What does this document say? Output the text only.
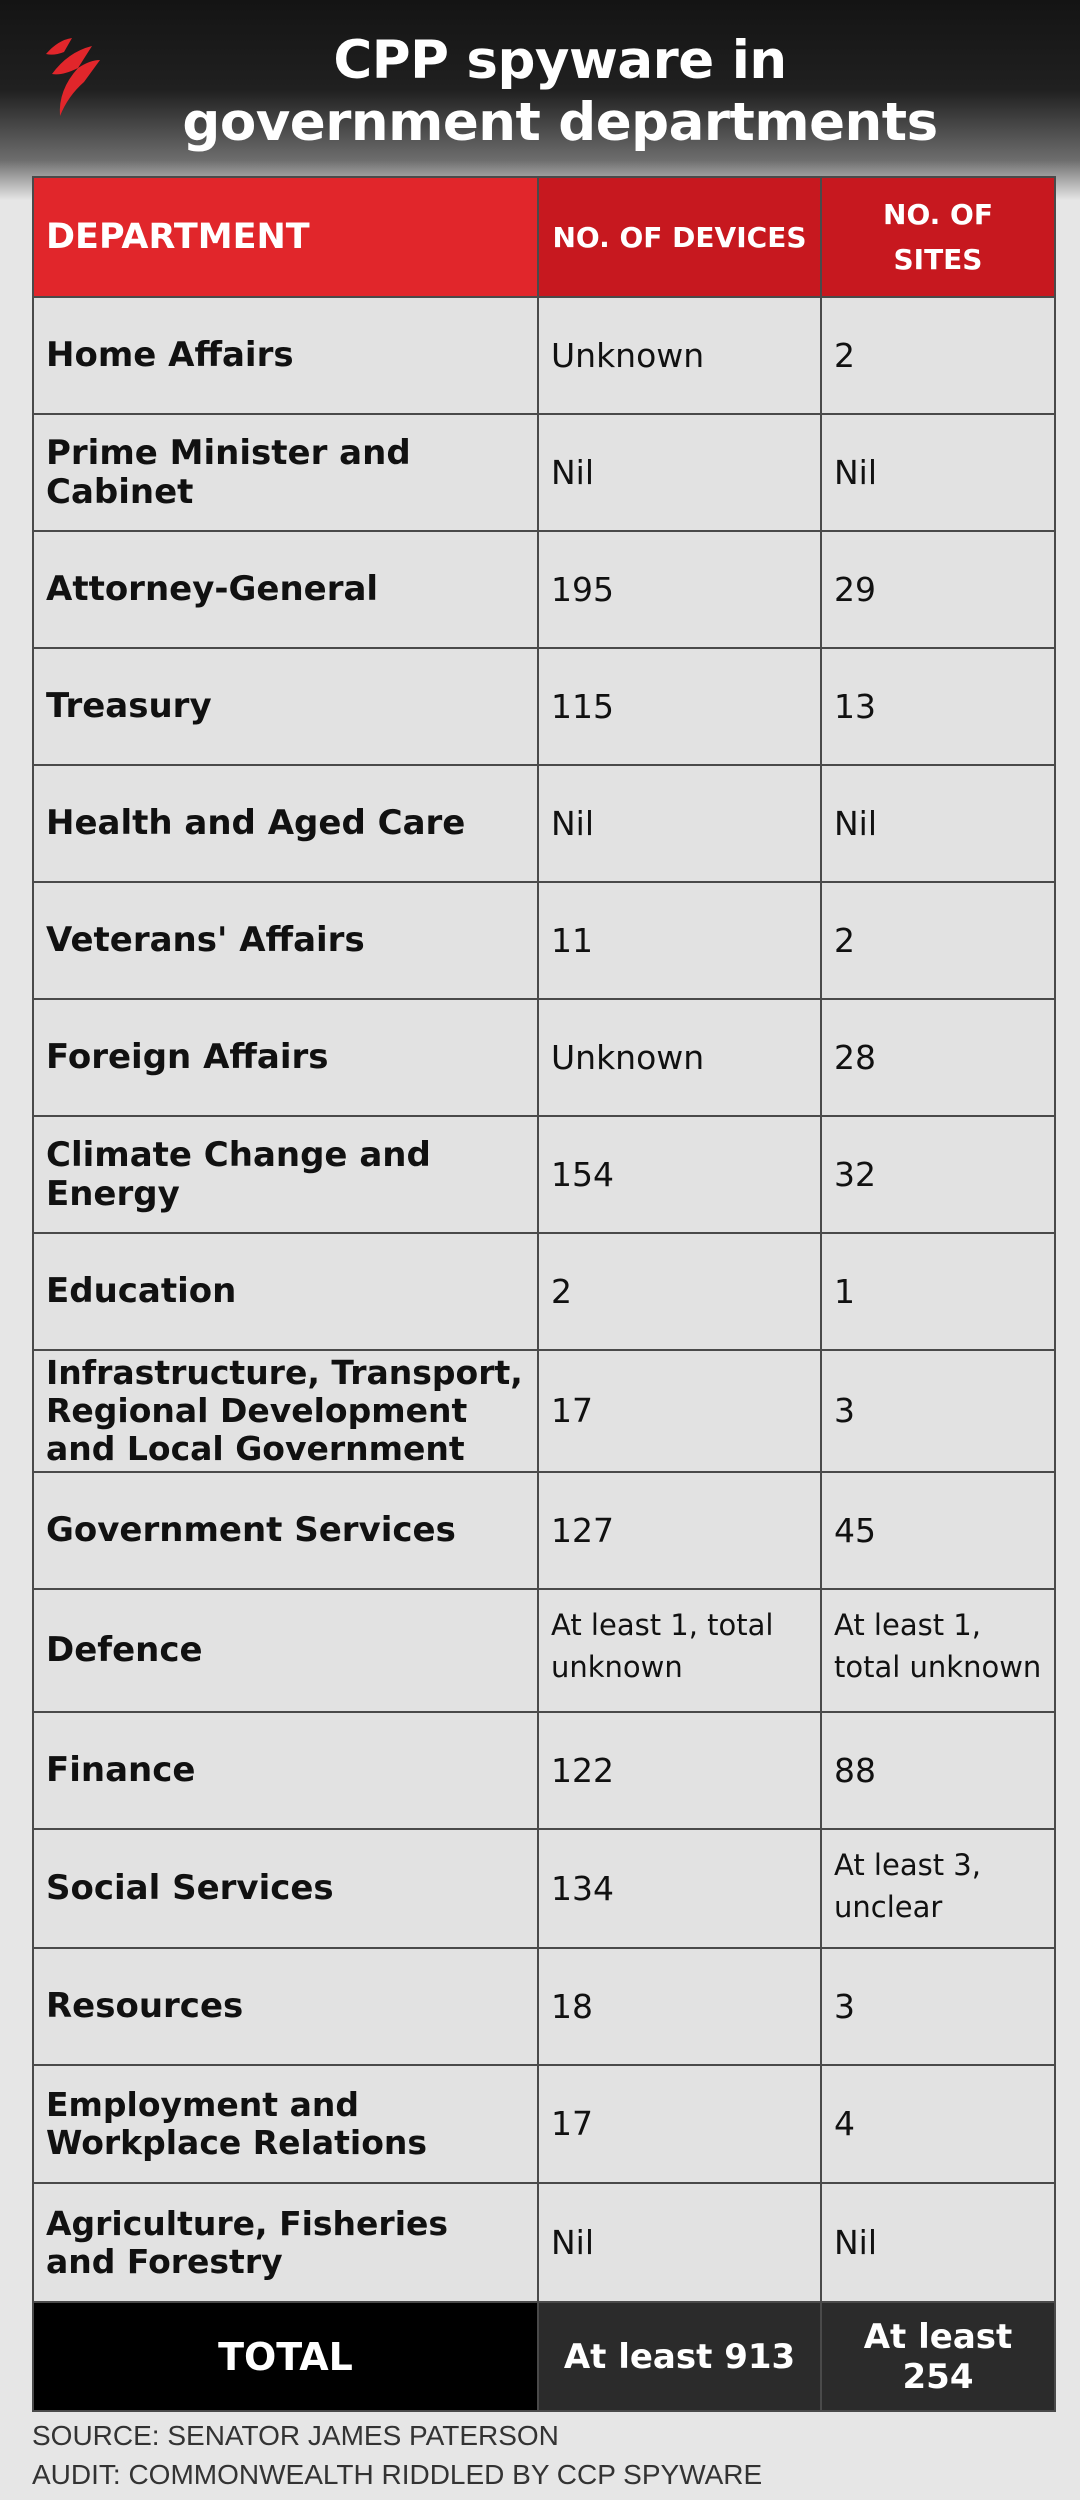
CPP spyware in
government departments
DEPARTMENT	NO. OF DEVICES	NO. OF SITES
Home Affairs	Unknown	2
Prime Minister and Cabinet	Nil	Nil
Attorney-General	195	29
Treasury	115	13
Health and Aged Care	Nil	Nil
Veterans' Affairs	11	2
Foreign Affairs	Unknown	28
Climate Change and Energy	154	32
Education	2	1
Infrastructure, Transport, Regional Development and Local Government	17	3
Government Services	127	45
Defence	At least 1, total unknown	At least 1, total unknown
Finance	122	88
Social Services	134	At least 3, unclear
Resources	18	3
Employment and Workplace Relations	17	4
Agriculture, Fisheries and Forestry	Nil	Nil
TOTAL	At least 913	At least 254
SOURCE: SENATOR JAMES PATERSON
AUDIT: COMMONWEALTH RIDDLED BY CCP SPYWARE
